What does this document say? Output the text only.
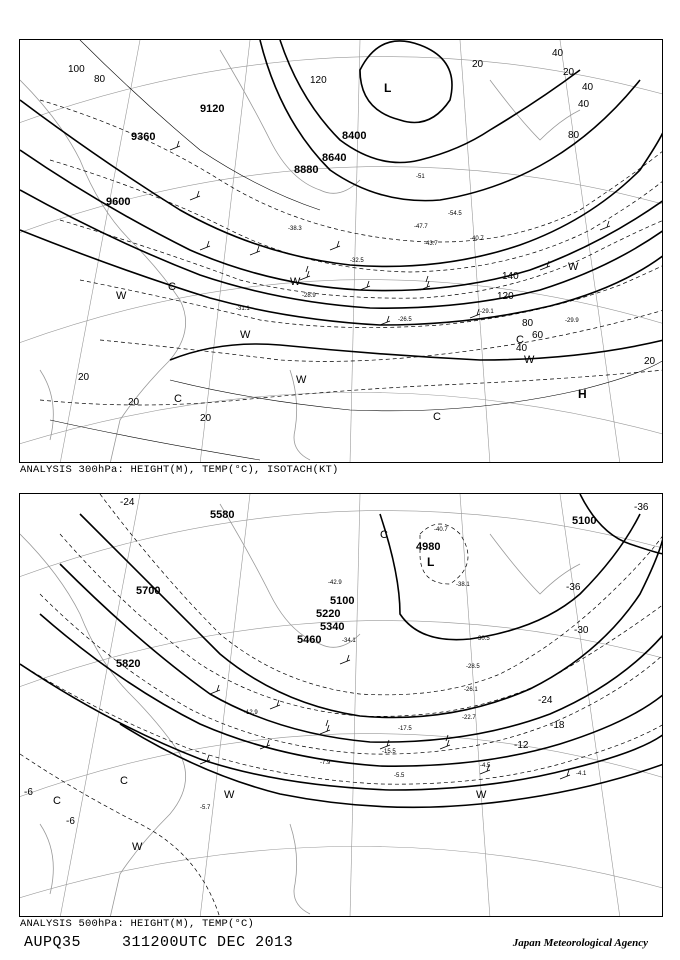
9120
9360
9600
8400
8640
8880
100
80	120
40
20
40
80
20
20
20
20
40
60
80
120
140
20
40
-51
-54.5
-47.7
-40.7
-32.5
-29.9
-28.9
-26.5
-29.1
-31.1
-38.3
-43.7
L
H
C
C
C
W
W
W
W
W
W
C
ANALYSIS 300hPa: HEIGHT(M), TEMP(°C), ISOTACH(KT)
5580
5700
5820
5100
5460
5220
5340
4980
5100
-24	-36
-30
-24
-18
-12
-6
-6
-36
-40.7
-42.9	-38.1
-34.1	-30.5
-28.5
-26.1
-22.7
-17.5
-15.5
-5.5
-4.5
-4.1
-12.9
-7.9
-5.7
L
C
C
C
W
W
W
ANALYSIS 500hPa: HEIGHT(M), TEMP(°C)
AUPQ35	311200UTC DEC 2013	Japan Meteorological Agency
